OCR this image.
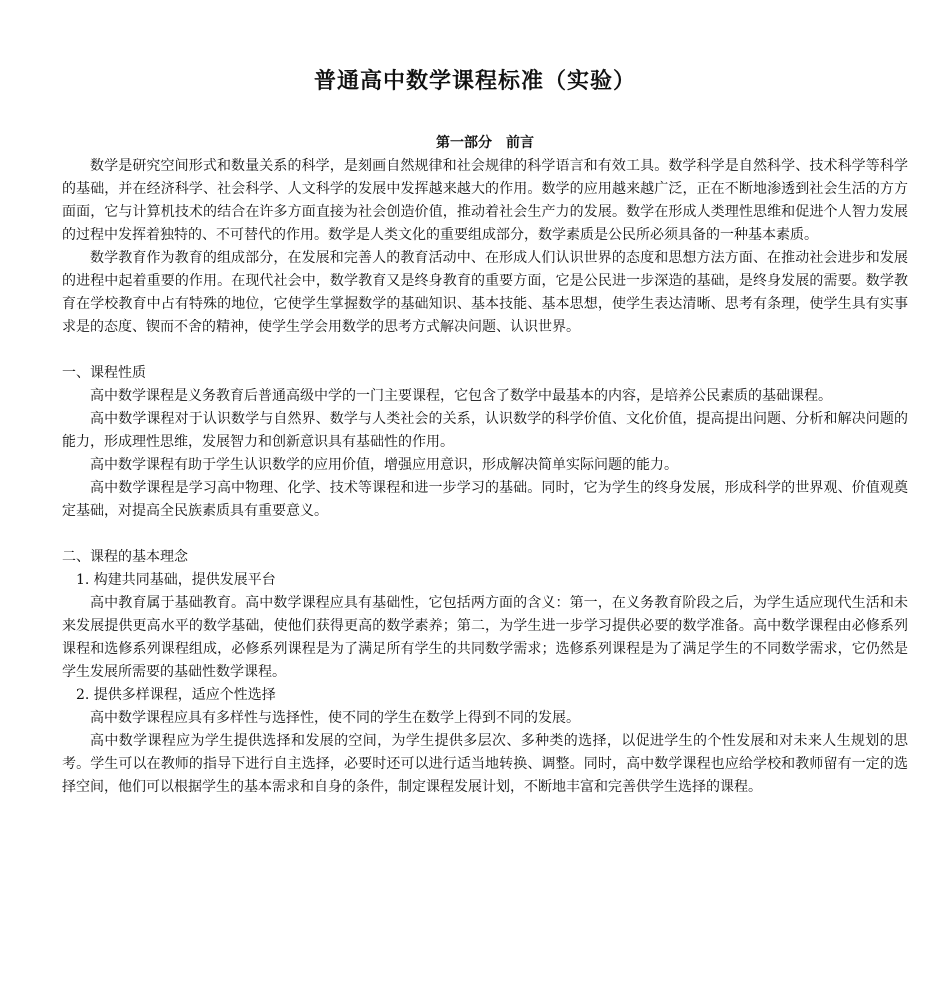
普通高中数学课程标准（实验）

第一部分　前言

数学是研究空间形式和数量关系的科学，是刻画自然规律和社会规律的科学语言和有效工具。数学科学是自然科学、技术科学等科学的基础，并在经济科学、社会科学、人文科学的发展中发挥越来越大的作用。数学的应用越来越广泛，正在不断地渗透到社会生活的方方面面，它与计算机技术的结合在许多方面直接为社会创造价值，推动着社会生产力的发展。数学在形成人类理性思维和促进个人智力发展的过程中发挥着独特的、不可替代的作用。数学是人类文化的重要组成部分，数学素质是公民所必须具备的一种基本素质。

数学教育作为教育的组成部分，在发展和完善人的教育活动中、在形成人们认识世界的态度和思想方法方面、在推动社会进步和发展的进程中起着重要的作用。在现代社会中，数学教育又是终身教育的重要方面，它是公民进一步深造的基础，是终身发展的需要。数学教育在学校教育中占有特殊的地位，它使学生掌握数学的基础知识、基本技能、基本思想，使学生表达清晰、思考有条理，使学生具有实事求是的态度、锲而不舍的精神，使学生学会用数学的思考方式解决问题、认识世界。

一、课程性质

高中数学课程是义务教育后普通高级中学的一门主要课程，它包含了数学中最基本的内容，是培养公民素质的基础课程。

高中数学课程对于认识数学与自然界、数学与人类社会的关系，认识数学的科学价值、文化价值，提高提出问题、分析和解决问题的能力，形成理性思维，发展智力和创新意识具有基础性的作用。

高中数学课程有助于学生认识数学的应用价值，增强应用意识，形成解决简单实际问题的能力。

高中数学课程是学习高中物理、化学、技术等课程和进一步学习的基础。同时，它为学生的终身发展，形成科学的世界观、价值观奠定基础，对提高全民族素质具有重要意义。

二、课程的基本理念

1. 构建共同基础，提供发展平台

高中教育属于基础教育。高中数学课程应具有基础性，它包括两方面的含义：第一，在义务教育阶段之后，为学生适应现代生活和未来发展提供更高水平的数学基础，使他们获得更高的数学素养；第二，为学生进一步学习提供必要的数学准备。高中数学课程由必修系列课程和选修系列课程组成，必修系列课程是为了满足所有学生的共同数学需求；选修系列课程是为了满足学生的不同数学需求，它仍然是学生发展所需要的基础性数学课程。

2. 提供多样课程，适应个性选择

高中数学课程应具有多样性与选择性，使不同的学生在数学上得到不同的发展。

高中数学课程应为学生提供选择和发展的空间，为学生提供多层次、多种类的选择，以促进学生的个性发展和对未来人生规划的思考。学生可以在教师的指导下进行自主选择，必要时还可以进行适当地转换、调整。同时，高中数学课程也应给学校和教师留有一定的选择空间，他们可以根据学生的基本需求和自身的条件，制定课程发展计划，不断地丰富和完善供学生选择的课程。
